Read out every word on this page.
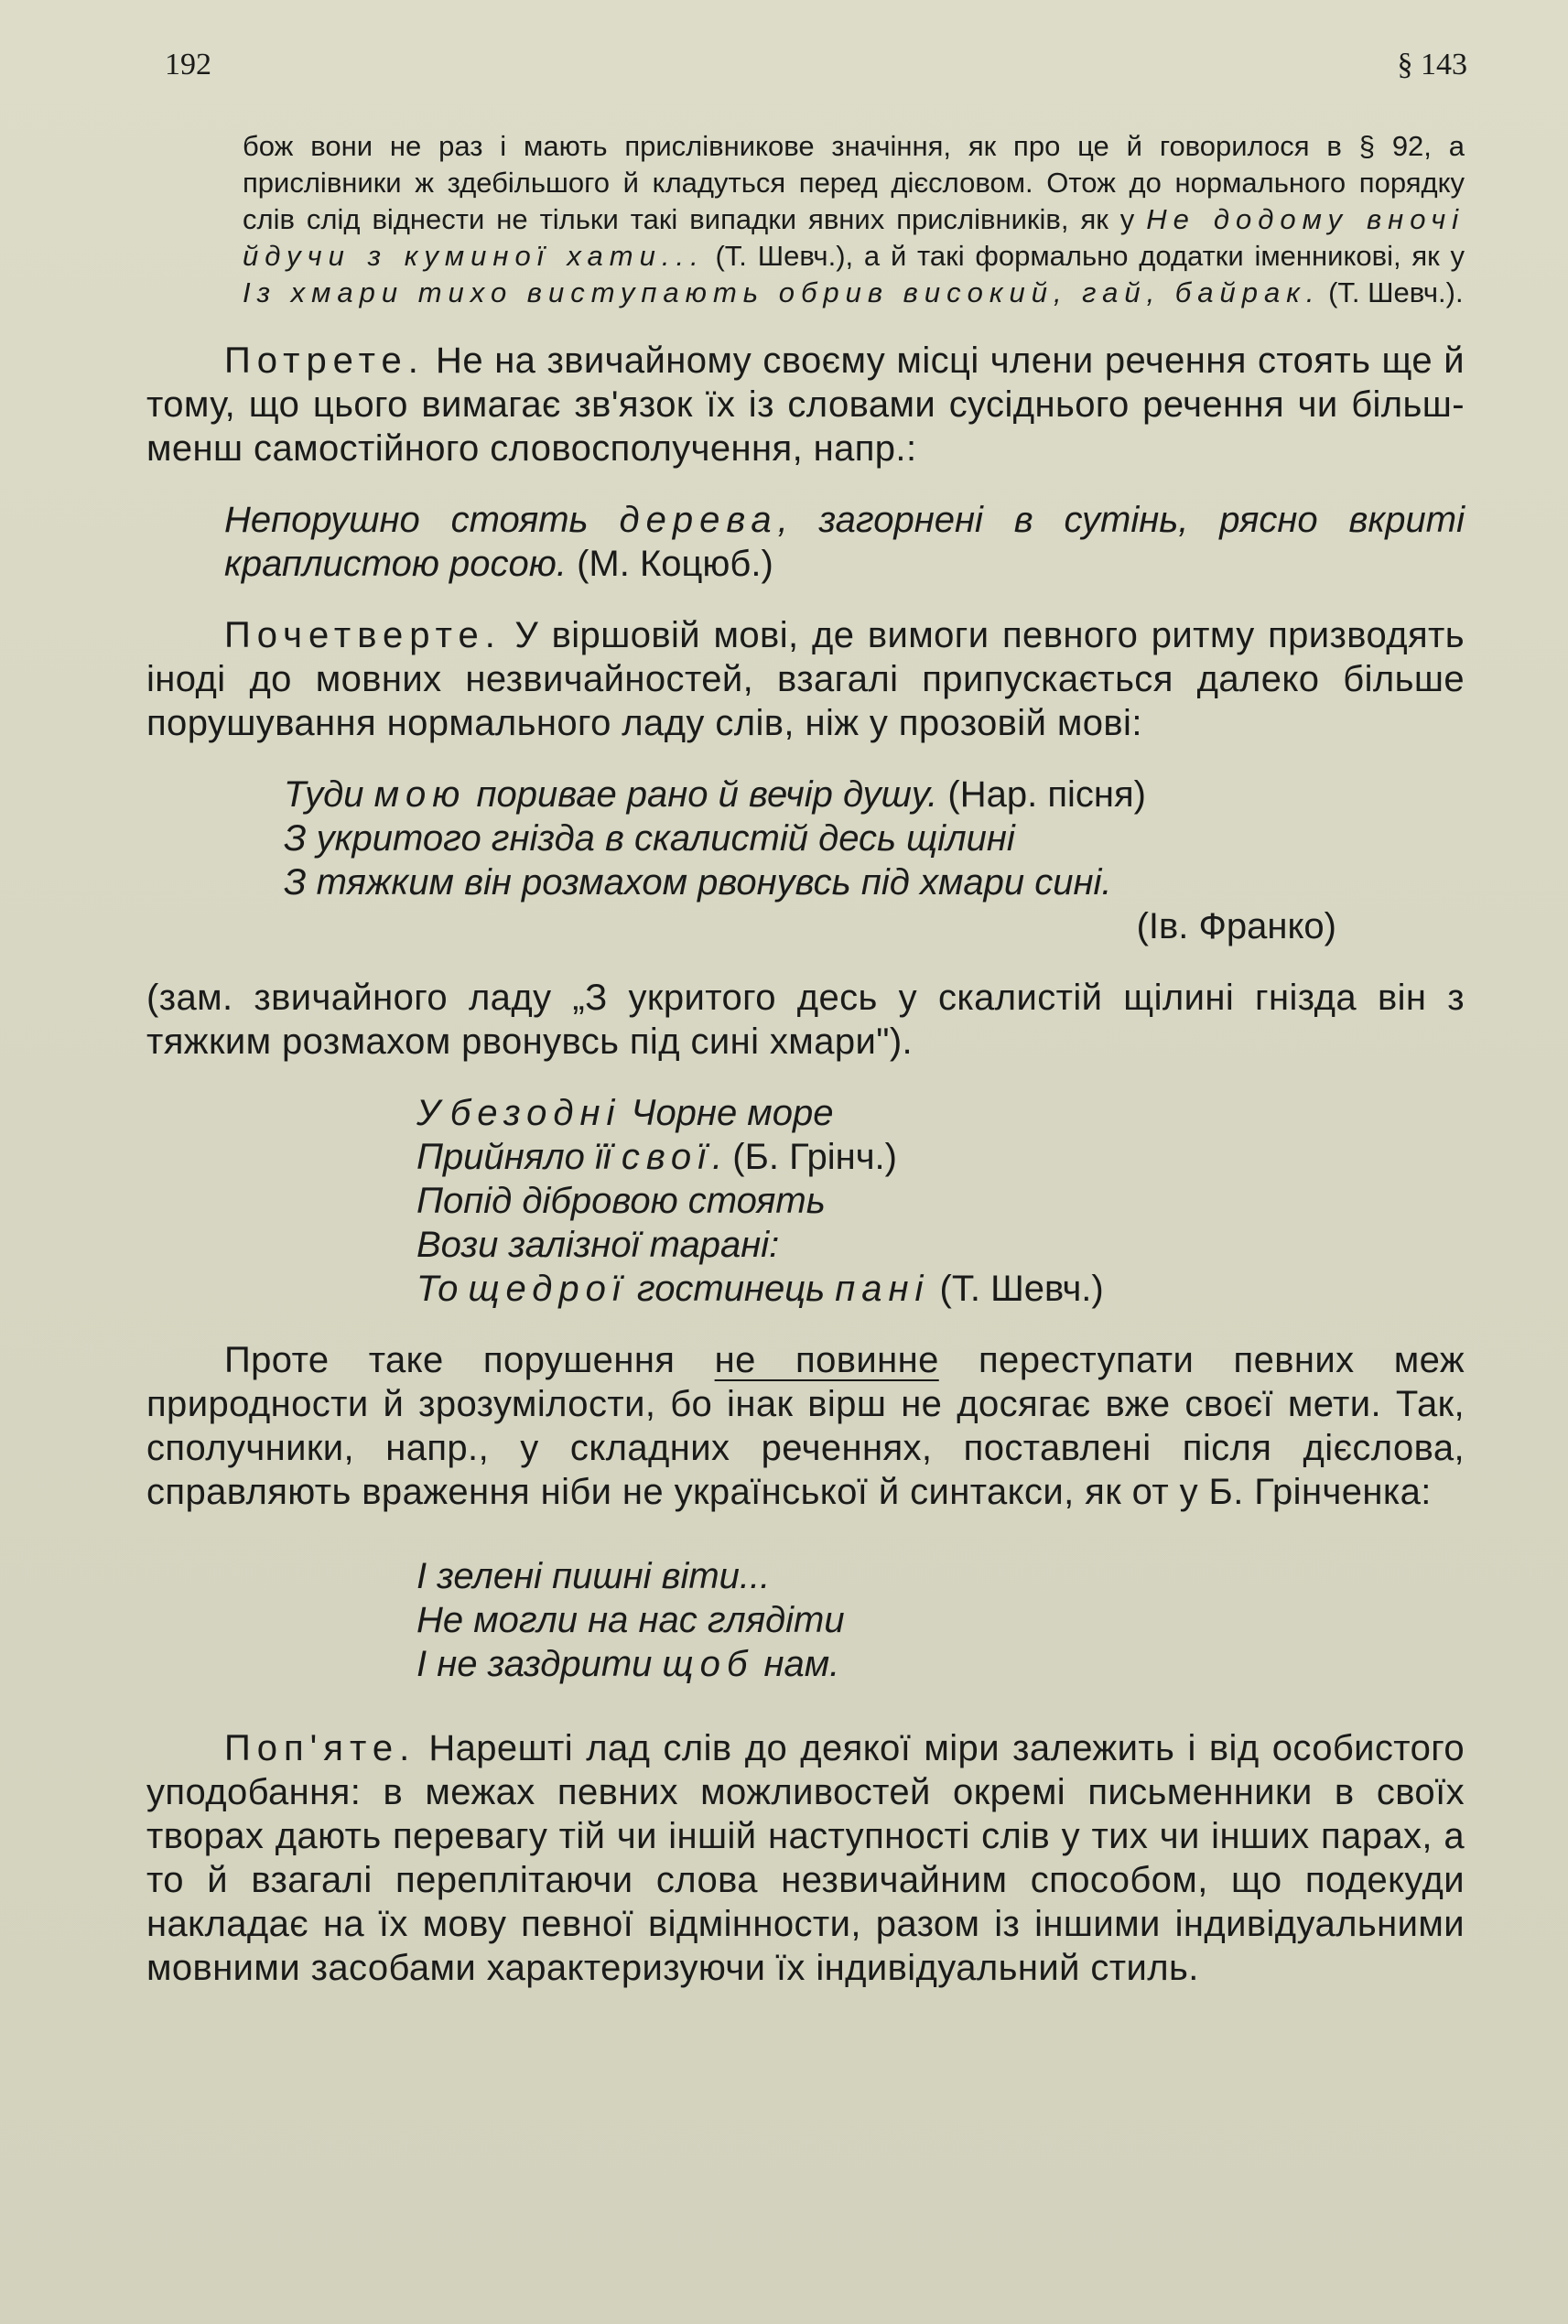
192	§ 143

бож вони не раз і мають прислівникове значіння, як про це й говорилося в § 92, а прислівники ж здебільшого й кладуться перед дієсловом. Отож до нормального порядку слів слід віднести не тільки такі випадки явних прислівників, як у Не додому вночі йдучи з куминої хати... (Т. Шевч.), а й такі формально додатки іменникові, як у Із хмари тихо виступають обрив високий, гай, байрак. (Т. Шевч.).

Потрете. Не на звичайному своєму місці члени речення стоять ще й тому, що цього вимагає зв'язок їх із словами сусіднього речення чи більш-менш самостійного словосполучення, напр.:

Непорушно стоять дерева, загорнені в сутінь, рясно вкриті краплистою росою. (М. Коцюб.)

Почетверте. У віршовій мові, де вимоги певного ритму призводять іноді до мовних незвичайностей, взагалі припускається далеко більше порушування нормального ладу слів, ніж у прозовій мові:

Туди мою поривае рано й вечір душу. (Нар. пісня)
З укритого гнізда в скалистій десь щілині
З тяжким він розмахом рвонувсь під хмари сині.
(Ів. Франко)

(зам. звичайного ладу „З укритого десь у скалистій щілині гнізда він з тяжким розмахом рвонувсь під сині хмари").

У безодні Чорне море
Прийняло її свої. (Б. Грінч.)
Попід дібровою стоять
Вози залізної тарані:
То щедрої гостинець пані (Т. Шевч.)

Проте таке порушення не повинне переступати певних меж природности й зрозумілости, бо інак вірш не досягає вже своєї мети. Так, сполучники, напр., у складних реченнях, поставлені після дієслова, справляють враження ніби не української й синтакси, як от у Б. Грінченка:

І зелені пишні віти...
Не могли на нас глядіти
І не заздрити щоб нам.

Поп'яте. Нарешті лад слів до деякої міри залежить і від особистого уподобання: в межах певних можливостей окремі письменники в своїх творах дають перевагу тій чи іншій наступності слів у тих чи інших парах, а то й взагалі переплітаючи слова незвичайним способом, що подекуди накладає на їх мову певної відмінности, разом із іншими індивідуальними мовними засобами характеризуючи їх індивідуальний стиль.
